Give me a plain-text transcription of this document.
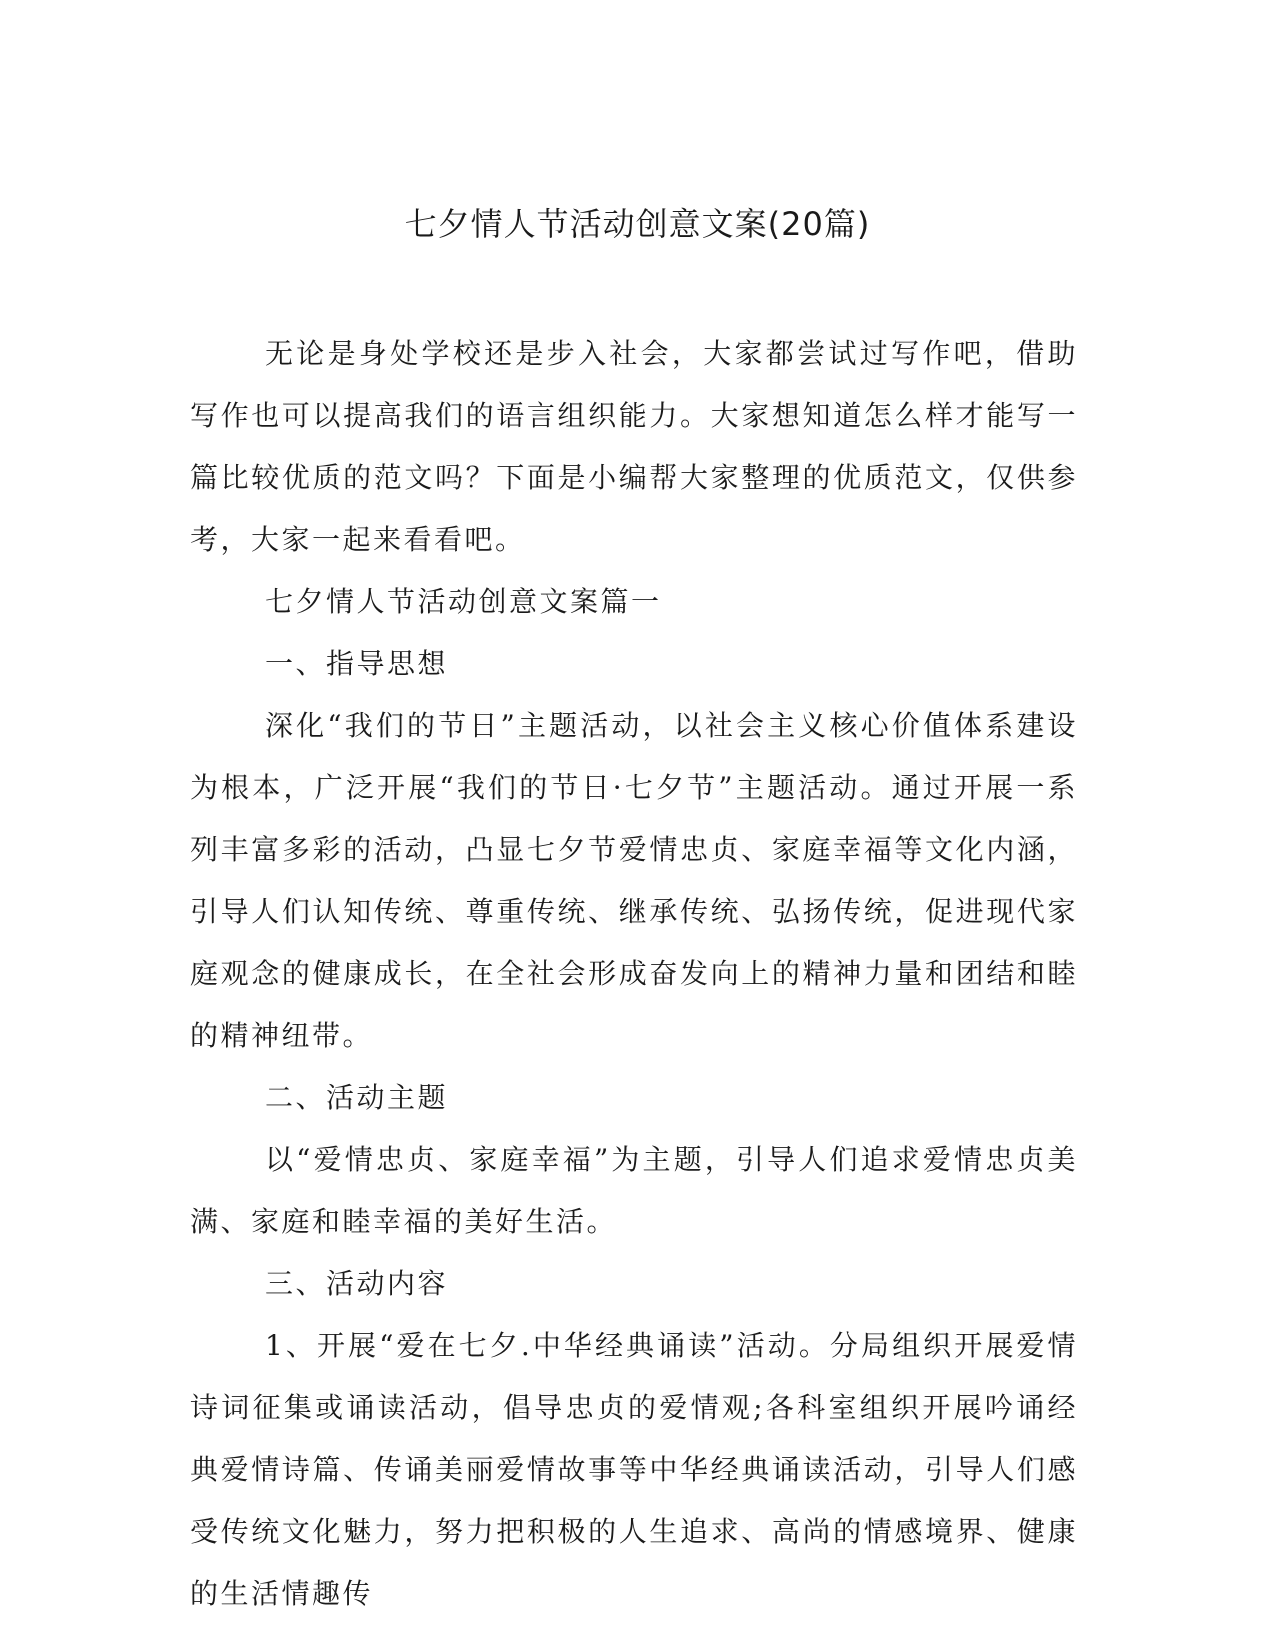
七夕情人节活动创意文案(20篇)

无论是身处学校还是步入社会，大家都尝试过写作吧，借助写作也可以提高我们的语言组织能力。大家想知道怎么样才能写一篇比较优质的范文吗？下面是小编帮大家整理的优质范文，仅供参考，大家一起来看看吧。

七夕情人节活动创意文案篇一

一、指导思想

深化“我们的节日”主题活动，以社会主义核心价值体系建设为根本，广泛开展“我们的节日·七夕节”主题活动。通过开展一系列丰富多彩的活动，凸显七夕节爱情忠贞、家庭幸福等文化内涵，引导人们认知传统、尊重传统、继承传统、弘扬传统，促进现代家庭观念的健康成长，在全社会形成奋发向上的精神力量和团结和睦的精神纽带。

二、活动主题

以“爱情忠贞、家庭幸福”为主题，引导人们追求爱情忠贞美满、家庭和睦幸福的美好生活。

三、活动内容

1、开展“爱在七夕.中华经典诵读”活动。分局组织开展爱情诗词征集或诵读活动，倡导忠贞的爱情观;各科室组织开展吟诵经典爱情诗篇、传诵美丽爱情故事等中华经典诵读活动，引导人们感受传统文化魅力，努力把积极的人生追求、高尚的情感境界、健康的生活情趣传
